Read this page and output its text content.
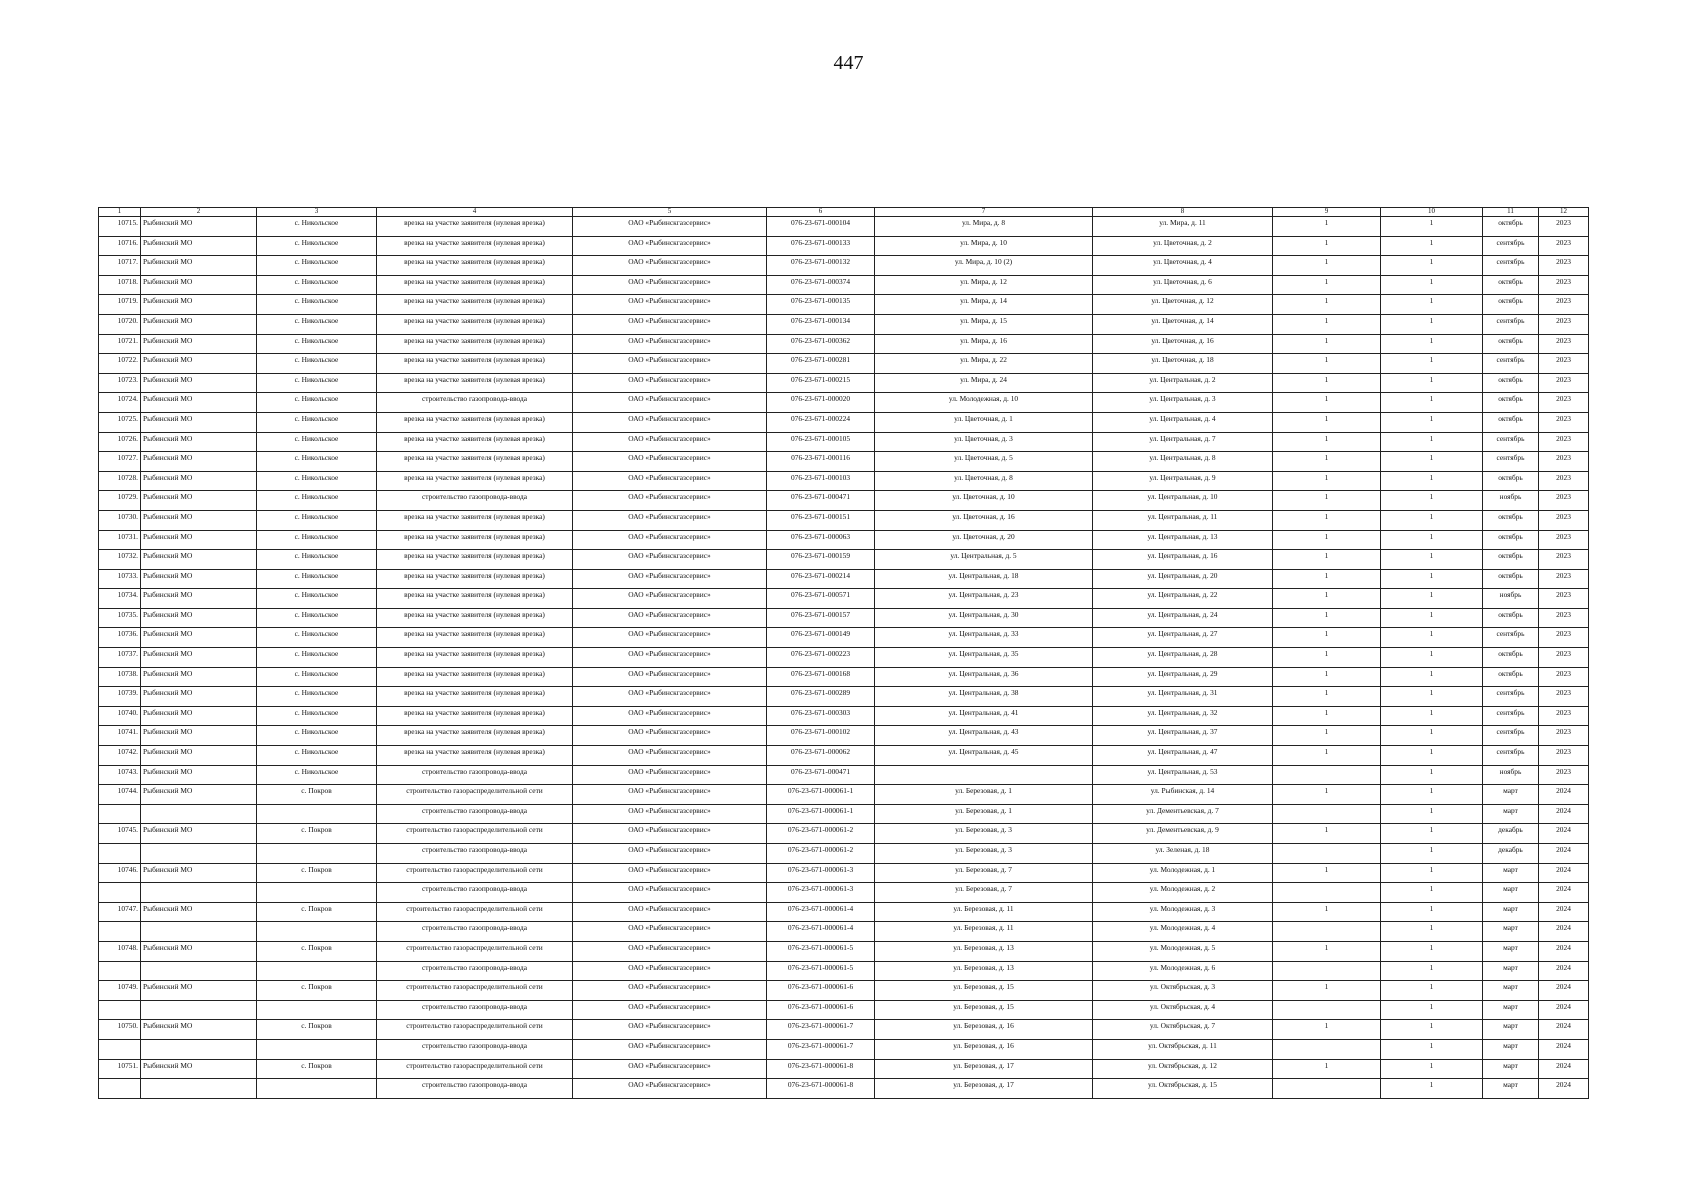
447
1	2	3	4	5	6	7	8	9	10	11	12
10715.	Рыбинский МО	с. Никольское	врезка на участке заявителя (нулевая врезка)	ОАО «Рыбинскгазсервис»	076-23-671-000104	ул. Мира, д. 8	ул. Мира, д. 11	1	1	октябрь	2023
10716.	Рыбинский МО	с. Никольское	врезка на участке заявителя (нулевая врезка)	ОАО «Рыбинскгазсервис»	076-23-671-000133	ул. Мира, д. 10	ул. Цветочная, д. 2	1	1	сентябрь	2023
10717.	Рыбинский МО	с. Никольское	врезка на участке заявителя (нулевая врезка)	ОАО «Рыбинскгазсервис»	076-23-671-000132	ул. Мира, д. 10 (2)	ул. Цветочная, д. 4	1	1	сентябрь	2023
10718.	Рыбинский МО	с. Никольское	врезка на участке заявителя (нулевая врезка)	ОАО «Рыбинскгазсервис»	076-23-671-000374	ул. Мира, д. 12	ул. Цветочная, д. 6	1	1	октябрь	2023
10719.	Рыбинский МО	с. Никольское	врезка на участке заявителя (нулевая врезка)	ОАО «Рыбинскгазсервис»	076-23-671-000135	ул. Мира, д. 14	ул. Цветочная, д. 12	1	1	октябрь	2023
10720.	Рыбинский МО	с. Никольское	врезка на участке заявителя (нулевая врезка)	ОАО «Рыбинскгазсервис»	076-23-671-000134	ул. Мира, д. 15	ул. Цветочная, д. 14	1	1	сентябрь	2023
10721.	Рыбинский МО	с. Никольское	врезка на участке заявителя (нулевая врезка)	ОАО «Рыбинскгазсервис»	076-23-671-000362	ул. Мира, д. 16	ул. Цветочная, д. 16	1	1	октябрь	2023
10722.	Рыбинский МО	с. Никольское	врезка на участке заявителя (нулевая врезка)	ОАО «Рыбинскгазсервис»	076-23-671-000281	ул. Мира, д. 22	ул. Цветочная, д. 18	1	1	сентябрь	2023
10723.	Рыбинский МО	с. Никольское	врезка на участке заявителя (нулевая врезка)	ОАО «Рыбинскгазсервис»	076-23-671-000215	ул. Мира, д. 24	ул. Центральная, д. 2	1	1	октябрь	2023
10724.	Рыбинский МО	с. Никольское	строительство газопровода-ввода	ОАО «Рыбинскгазсервис»	076-23-671-000020	ул. Молодежная, д. 10	ул. Центральная, д. 3	1	1	октябрь	2023
10725.	Рыбинский МО	с. Никольское	врезка на участке заявителя (нулевая врезка)	ОАО «Рыбинскгазсервис»	076-23-671-000224	ул. Цветочная, д. 1	ул. Центральная, д. 4	1	1	октябрь	2023
10726.	Рыбинский МО	с. Никольское	врезка на участке заявителя (нулевая врезка)	ОАО «Рыбинскгазсервис»	076-23-671-000105	ул. Цветочная, д. 3	ул. Центральная, д. 7	1	1	сентябрь	2023
10727.	Рыбинский МО	с. Никольское	врезка на участке заявителя (нулевая врезка)	ОАО «Рыбинскгазсервис»	076-23-671-000116	ул. Цветочная, д. 5	ул. Центральная, д. 8	1	1	сентябрь	2023
10728.	Рыбинский МО	с. Никольское	врезка на участке заявителя (нулевая врезка)	ОАО «Рыбинскгазсервис»	076-23-671-000103	ул. Цветочная, д. 8	ул. Центральная, д. 9	1	1	октябрь	2023
10729.	Рыбинский МО	с. Никольское	строительство газопровода-ввода	ОАО «Рыбинскгазсервис»	076-23-671-000471	ул. Цветочная, д. 10	ул. Центральная, д. 10	1	1	ноябрь	2023
10730.	Рыбинский МО	с. Никольское	врезка на участке заявителя (нулевая врезка)	ОАО «Рыбинскгазсервис»	076-23-671-000151	ул. Цветочная, д. 16	ул. Центральная, д. 11	1	1	октябрь	2023
10731.	Рыбинский МО	с. Никольское	врезка на участке заявителя (нулевая врезка)	ОАО «Рыбинскгазсервис»	076-23-671-000063	ул. Цветочная, д. 20	ул. Центральная, д. 13	1	1	октябрь	2023
10732.	Рыбинский МО	с. Никольское	врезка на участке заявителя (нулевая врезка)	ОАО «Рыбинскгазсервис»	076-23-671-000159	ул. Центральная, д. 5	ул. Центральная, д. 16	1	1	октябрь	2023
10733.	Рыбинский МО	с. Никольское	врезка на участке заявителя (нулевая врезка)	ОАО «Рыбинскгазсервис»	076-23-671-000214	ул. Центральная, д. 18	ул. Центральная, д. 20	1	1	октябрь	2023
10734.	Рыбинский МО	с. Никольское	врезка на участке заявителя (нулевая врезка)	ОАО «Рыбинскгазсервис»	076-23-671-000571	ул. Центральная, д. 23	ул. Центральная, д. 22	1	1	ноябрь	2023
10735.	Рыбинский МО	с. Никольское	врезка на участке заявителя (нулевая врезка)	ОАО «Рыбинскгазсервис»	076-23-671-000157	ул. Центральная, д. 30	ул. Центральная, д. 24	1	1	октябрь	2023
10736.	Рыбинский МО	с. Никольское	врезка на участке заявителя (нулевая врезка)	ОАО «Рыбинскгазсервис»	076-23-671-000149	ул. Центральная, д. 33	ул. Центральная, д. 27	1	1	сентябрь	2023
10737.	Рыбинский МО	с. Никольское	врезка на участке заявителя (нулевая врезка)	ОАО «Рыбинскгазсервис»	076-23-671-000223	ул. Центральная, д. 35	ул. Центральная, д. 28	1	1	октябрь	2023
10738.	Рыбинский МО	с. Никольское	врезка на участке заявителя (нулевая врезка)	ОАО «Рыбинскгазсервис»	076-23-671-000168	ул. Центральная, д. 36	ул. Центральная, д. 29	1	1	октябрь	2023
10739.	Рыбинский МО	с. Никольское	врезка на участке заявителя (нулевая врезка)	ОАО «Рыбинскгазсервис»	076-23-671-000289	ул. Центральная, д. 38	ул. Центральная, д. 31	1	1	сентябрь	2023
10740.	Рыбинский МО	с. Никольское	врезка на участке заявителя (нулевая врезка)	ОАО «Рыбинскгазсервис»	076-23-671-000303	ул. Центральная, д. 41	ул. Центральная, д. 32	1	1	сентябрь	2023
10741.	Рыбинский МО	с. Никольское	врезка на участке заявителя (нулевая врезка)	ОАО «Рыбинскгазсервис»	076-23-671-000102	ул. Центральная, д. 43	ул. Центральная, д. 37	1	1	сентябрь	2023
10742.	Рыбинский МО	с. Никольское	врезка на участке заявителя (нулевая врезка)	ОАО «Рыбинскгазсервис»	076-23-671-000062	ул. Центральная, д. 45	ул. Центральная, д. 47	1	1	сентябрь	2023
10743.	Рыбинский МО	с. Никольское	строительство газопровода-ввода	ОАО «Рыбинскгазсервис»	076-23-671-000471		ул. Центральная, д. 53		1	ноябрь	2023
10744.	Рыбинский МО	с. Покров	строительство газораспределительной сети	ОАО «Рыбинскгазсервис»	076-23-671-000061-1	ул. Березовая, д. 1	ул. Рыбинская, д. 14	1	1	март	2024
			строительство газопровода-ввода	ОАО «Рыбинскгазсервис»	076-23-671-000061-1	ул. Березовая, д. 1	ул. Дементьевская, д. 7		1	март	2024
10745.	Рыбинский МО	с. Покров	строительство газораспределительной сети	ОАО «Рыбинскгазсервис»	076-23-671-000061-2	ул. Березовая, д. 3	ул. Дементьевская, д. 9	1	1	декабрь	2024
			строительство газопровода-ввода	ОАО «Рыбинскгазсервис»	076-23-671-000061-2	ул. Березовая, д. 3	ул. Зеленая, д. 18		1	декабрь	2024
10746.	Рыбинский МО	с. Покров	строительство газораспределительной сети	ОАО «Рыбинскгазсервис»	076-23-671-000061-3	ул. Березовая, д. 7	ул. Молодежная, д. 1	1	1	март	2024
			строительство газопровода-ввода	ОАО «Рыбинскгазсервис»	076-23-671-000061-3	ул. Березовая, д. 7	ул. Молодежная, д. 2		1	март	2024
10747.	Рыбинский МО	с. Покров	строительство газораспределительной сети	ОАО «Рыбинскгазсервис»	076-23-671-000061-4	ул. Березовая, д. 11	ул. Молодежная, д. 3	1	1	март	2024
			строительство газопровода-ввода	ОАО «Рыбинскгазсервис»	076-23-671-000061-4	ул. Березовая, д. 11	ул. Молодежная, д. 4		1	март	2024
10748.	Рыбинский МО	с. Покров	строительство газораспределительной сети	ОАО «Рыбинскгазсервис»	076-23-671-000061-5	ул. Березовая, д. 13	ул. Молодежная, д. 5	1	1	март	2024
			строительство газопровода-ввода	ОАО «Рыбинскгазсервис»	076-23-671-000061-5	ул. Березовая, д. 13	ул. Молодежная, д. 6		1	март	2024
10749.	Рыбинский МО	с. Покров	строительство газораспределительной сети	ОАО «Рыбинскгазсервис»	076-23-671-000061-6	ул. Березовая, д. 15	ул. Октябрьская, д. 3	1	1	март	2024
			строительство газопровода-ввода	ОАО «Рыбинскгазсервис»	076-23-671-000061-6	ул. Березовая, д. 15	ул. Октябрьская, д. 4		1	март	2024
10750.	Рыбинский МО	с. Покров	строительство газораспределительной сети	ОАО «Рыбинскгазсервис»	076-23-671-000061-7	ул. Березовая, д. 16	ул. Октябрьская, д. 7	1	1	март	2024
			строительство газопровода-ввода	ОАО «Рыбинскгазсервис»	076-23-671-000061-7	ул. Березовая, д. 16	ул. Октябрьская, д. 11		1	март	2024
10751.	Рыбинский МО	с. Покров	строительство газораспределительной сети	ОАО «Рыбинскгазсервис»	076-23-671-000061-8	ул. Березовая, д. 17	ул. Октябрьская, д. 12	1	1	март	2024
			строительство газопровода-ввода	ОАО «Рыбинскгазсервис»	076-23-671-000061-8	ул. Березовая, д. 17	ул. Октябрьская, д. 15		1	март	2024
